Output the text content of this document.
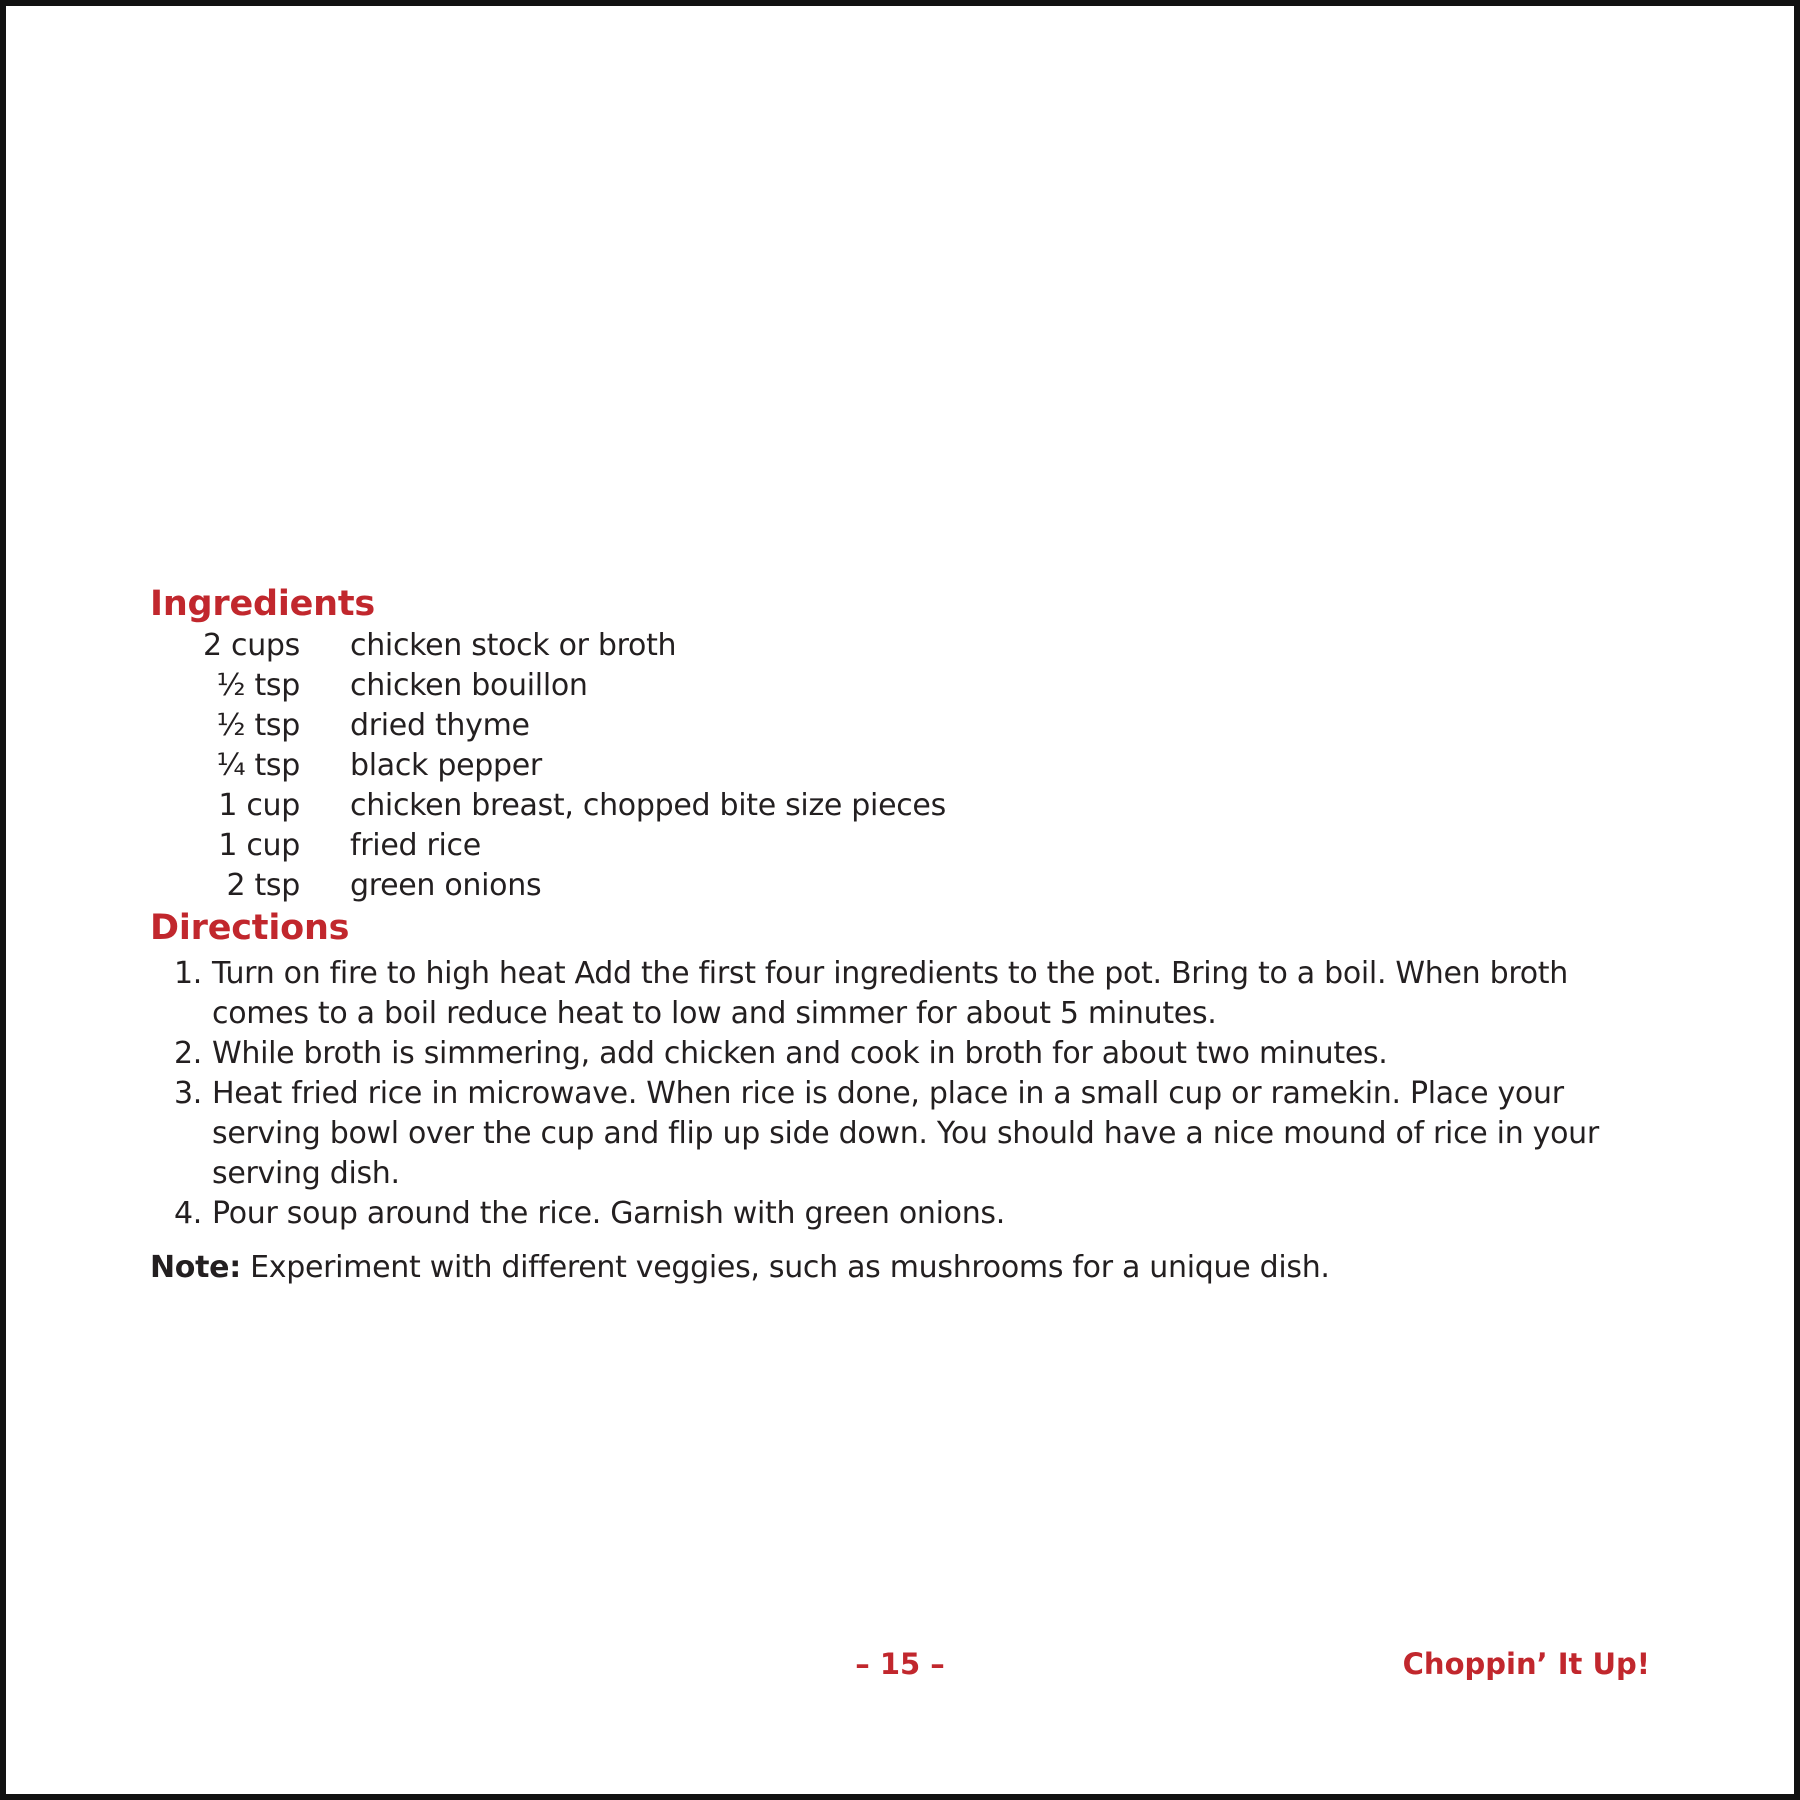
Ingredients
2 cups chicken stock or broth
½ tsp chicken bouillon
½ tsp dried thyme
¼ tsp black pepper
1 cup chicken breast, chopped bite size pieces
1 cup fried rice
2 tsp green onions
Directions
1. Turn on fire to high heat Add the first four ingredients to the pot. Bring to a boil. When broth comes to a boil reduce heat to low and simmer for about 5 minutes.
2. While broth is simmering, add chicken and cook in broth for about two minutes.
3. Heat fried rice in microwave. When rice is done, place in a small cup or ramekin. Place your serving bowl over the cup and flip up side down. You should have a nice mound of rice in your serving dish.
4. Pour soup around the rice. Garnish with green onions.

Note: Experiment with different veggies, such as mushrooms for a unique dish.

– 15 –	Choppin’ It Up!
